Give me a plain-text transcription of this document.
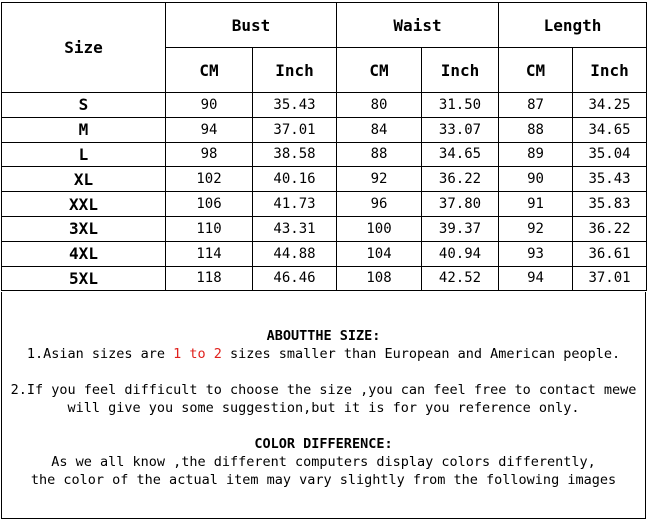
Size	Bust		Waist		Length	
	CM	Inch	CM	Inch	CM	Inch
S	90	35.43	80	31.50	87	34.25
M	94	37.01	84	33.07	88	34.65
L	98	38.58	88	34.65	89	35.04
XL	102	40.16	92	36.22	90	35.43
XXL	106	41.73	96	37.80	91	35.83
3XL	110	43.31	100	39.37	92	36.22
4XL	114	44.88	104	40.94	93	36.61
5XL	118	46.46	108	42.52	94	37.01

ABOUTTHE SIZE:

1.Asian sizes are 1 to 2 sizes smaller than European and American people.

2.If you feel difficult to choose the size ,you can feel free to contact mewe

will give you some suggestion,but it is for you reference only.

COLOR DIFFERENCE:

As we all know ,the different computers display colors differently,

the color of the actual item may vary slightly from the following images
